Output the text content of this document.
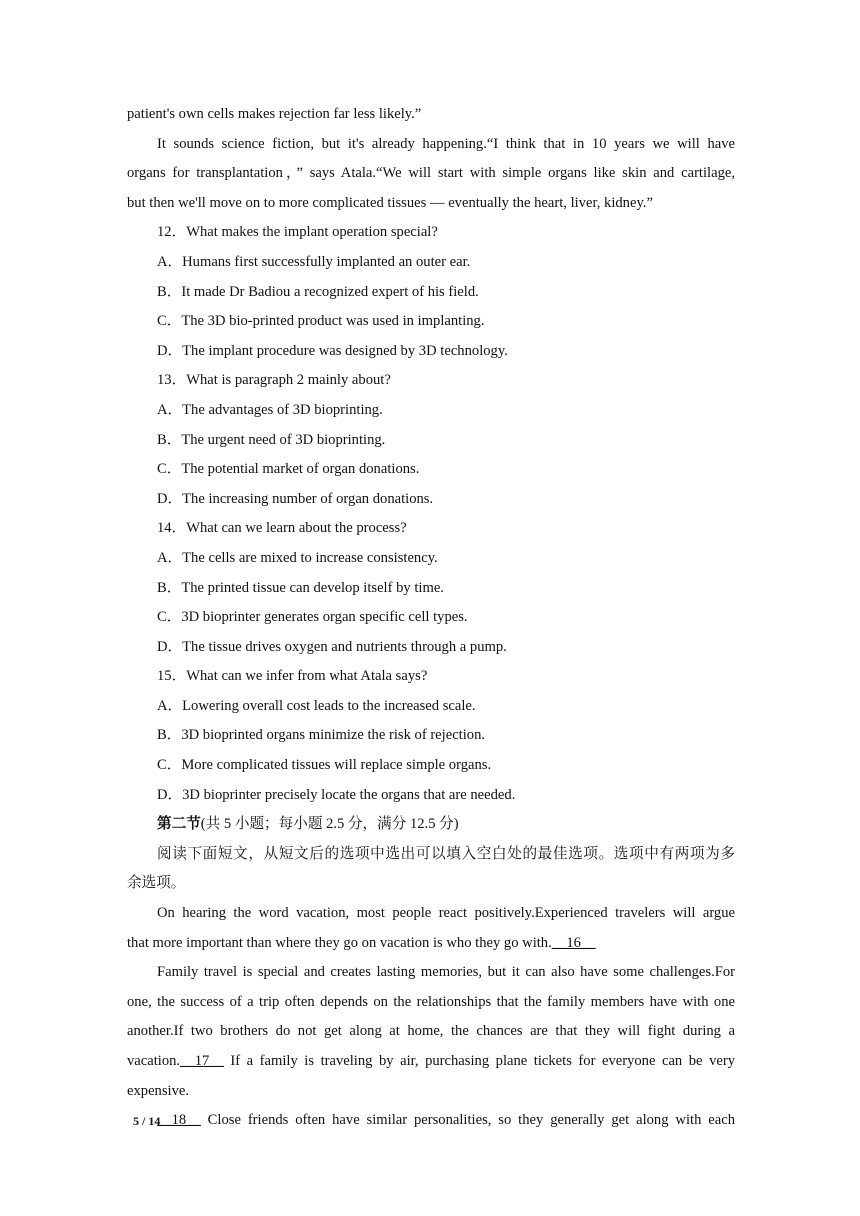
patient's own cells makes rejection far less likely.”
It sounds science fiction, but it's already happening.“I think that in 10 years we will have
organs for transplantation，” says Atala.“We will start with simple organs like skin and cartilage,
but then we'll move on to more complicated tissues — eventually the heart, liver, kidney.”
12．What makes the implant operation special?
A．Humans first successfully implanted an outer ear.
B．It made Dr Badiou a recognized expert of his field.
C．The 3D bio-printed product was used in implanting.
D．The implant procedure was designed by 3D technology.
13．What is paragraph 2 mainly about?
A．The advantages of 3D bioprinting.
B．The urgent need of 3D bioprinting.
C．The potential market of organ donations.
D．The increasing number of organ donations.
14．What can we learn about the process?
A．The cells are mixed to increase consistency.
B．The printed tissue can develop itself by time.
C．3D bioprinter generates organ specific cell types.
D．The tissue drives oxygen and nutrients through a pump.
15．What can we infer from what Atala says?
A．Lowering overall cost leads to the increased scale.
B．3D bioprinted organs minimize the risk of rejection.
C．More complicated tissues will replace simple organs.
D．3D bioprinter precisely locate the organs that are needed.
第二节(共 5 小题；每小题 2.5 分，满分 12.5 分)
阅读下面短文，从短文后的选项中选出可以填入空白处的最佳选项。选项中有两项为多
余选项。
On hearing the word vacation, most people react positively.Experienced travelers will argue
that more important than where they go on vacation is who they go with.__16__
Family travel is special and creates lasting memories, but it can also have some challenges.For
one, the success of a trip often depends on the relationships that the family members have with one
another.If two brothers do not get along at home, the chances are that they will fight during a
vacation.__17__ If a family is traveling by air, purchasing plane tickets for everyone can be very
expensive.
__18__ Close friends often have similar personalities, so they generally get along with each
5 / 14
